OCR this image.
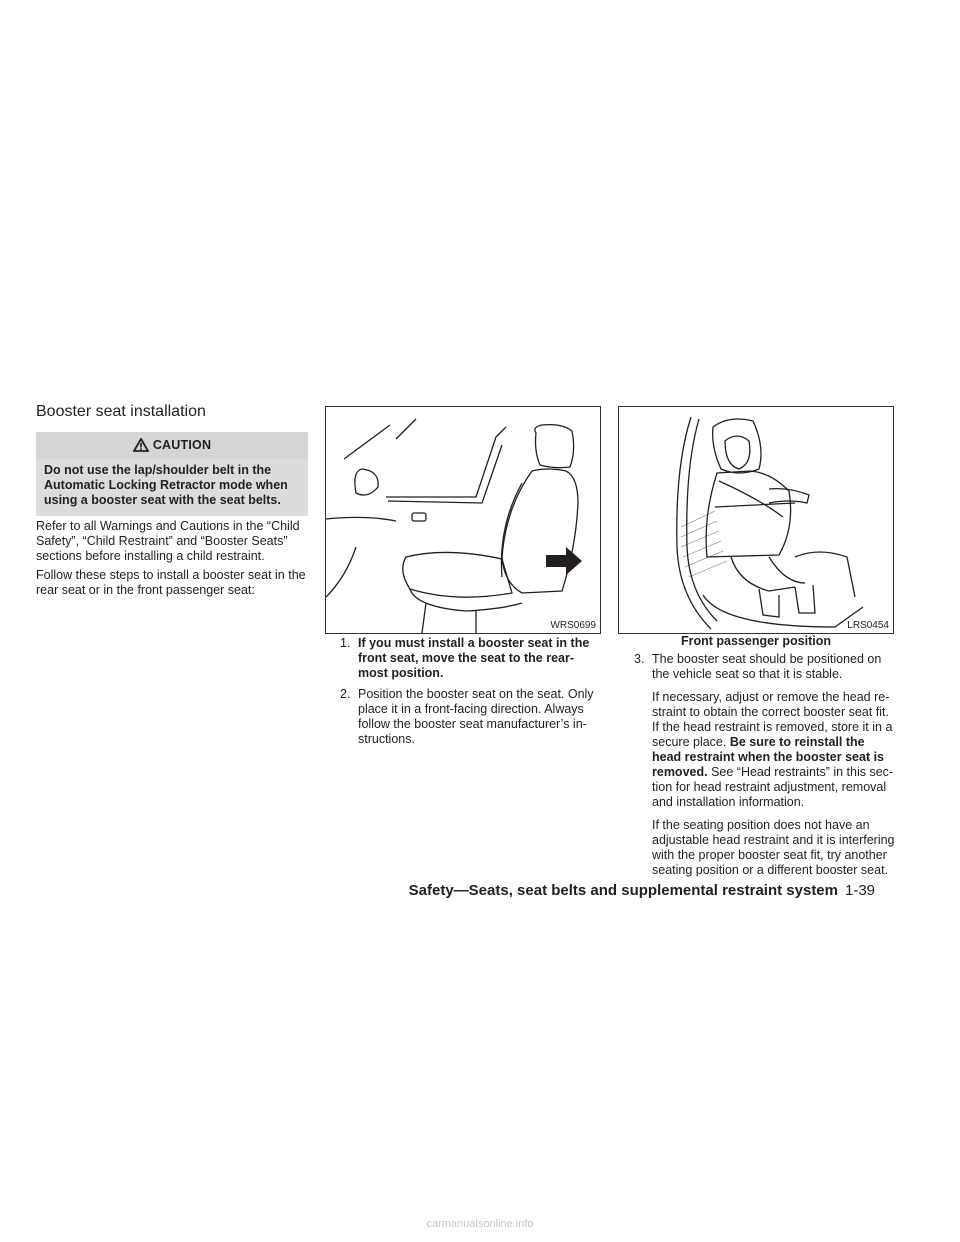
Booster seat installation
CAUTION
Do not use the lap/shoulder belt in the Automatic Locking Retractor mode when using a booster seat with the seat belts.

Refer to all Warnings and Cautions in the “Child Safety”, “Child Restraint” and “Booster Seats” sections before installing a child restraint.

Follow these steps to install a booster seat in the rear seat or in the front passenger seat:

WRS0699	LRS0454
Front passenger position
1. If you must install a booster seat in the front seat, move the seat to the rear-most position.

2. Position the booster seat on the seat. Only place it in a front-facing direction. Always follow the booster seat manufacturer’s in-structions.

3. The booster seat should be positioned on the vehicle seat so that it is stable.

If necessary, adjust or remove the head re-straint to obtain the correct booster seat fit. If the head restraint is removed, store it in a secure place. Be sure to reinstall the head restraint when the booster seat is removed. See “Head restraints” in this sec-tion for head restraint adjustment, removal and installation information.

If the seating position does not have an adjustable head restraint and it is interfering with the proper booster seat fit, try another seating position or a different booster seat.

Safety—Seats, seat belts and supplemental restraint system 1-39
carmanualsonline.info
